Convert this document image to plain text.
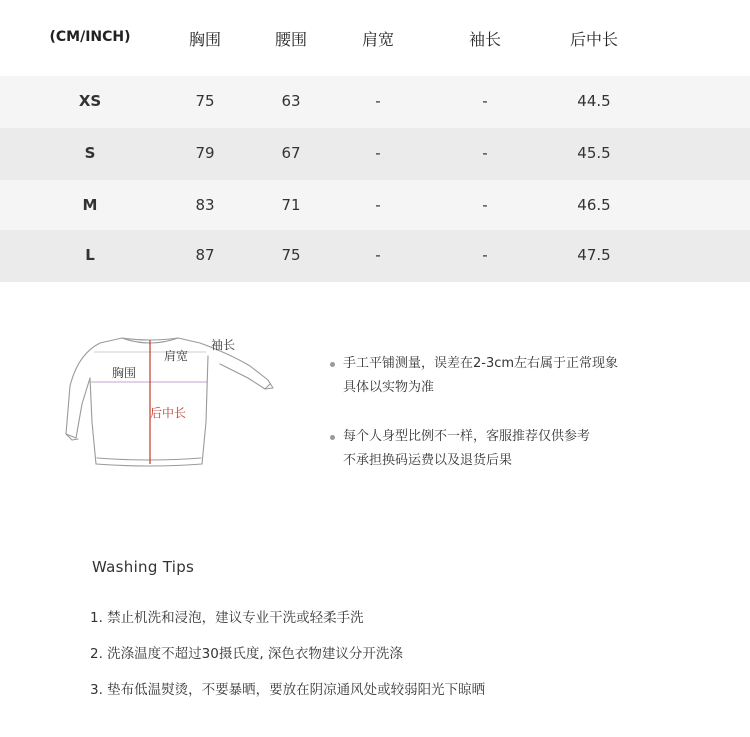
(CM/INCH)	胸围	腰围	肩宽	袖长	后中长
XS	75	63	-	-	44.5
S	79	67	-	-	45.5
M	83	71	-	-	46.5
L	87	75	-	-	47.5
肩宽
袖长
胸围
后中长
手工平铺测量，误差在2-3cm左右属于正常现象
具体以实物为准
每个人身型比例不一样，客服推荐仅供参考
不承担换码运费以及退货后果
Washing Tips
1. 禁止机洗和浸泡，建议专业干洗或轻柔手洗
2. 洗涤温度不超过30摄氏度, 深色衣物建议分开洗涤
3. 垫布低温熨烫，不要暴晒，要放在阴凉通风处或较弱阳光下晾晒
